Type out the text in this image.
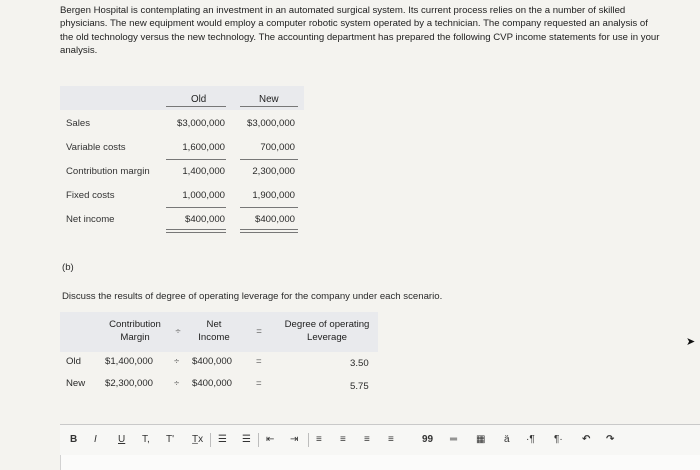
Bergen Hospital is contemplating an investment in an automated surgical system. Its current process relies on the a number of skilled physicians. The new equipment would employ a computer robotic system operated by a technician. The company requested an analysis of the old technology versus the new technology. The accounting department has prepared the following CVP income statements for use in your analysis.
Old	New
Sales	$3,000,000 $3,000,000
Variable costs	1,600,000	700,000
Contribution margin	1,400,000	2,300,000
Fixed costs	1,000,000	1,900,000
Net income	$400,000	$400,000
(b)
Discuss the results of degree of operating leverage for the company under each scenario.
Contribution Margin
÷
Net Income
=
Degree of operating Leverage
Old	$1,400,000 ÷ $400,000 =	3.50
New $2,300,000 ÷ $400,000 =	5.75
B I U T, T' T̲x ☰ ☰ ⇤ ⇥ ≡ ≡ ≡ ≡	99 ═ ▦ ä ·¶ ¶· ↶ ↷
➤
